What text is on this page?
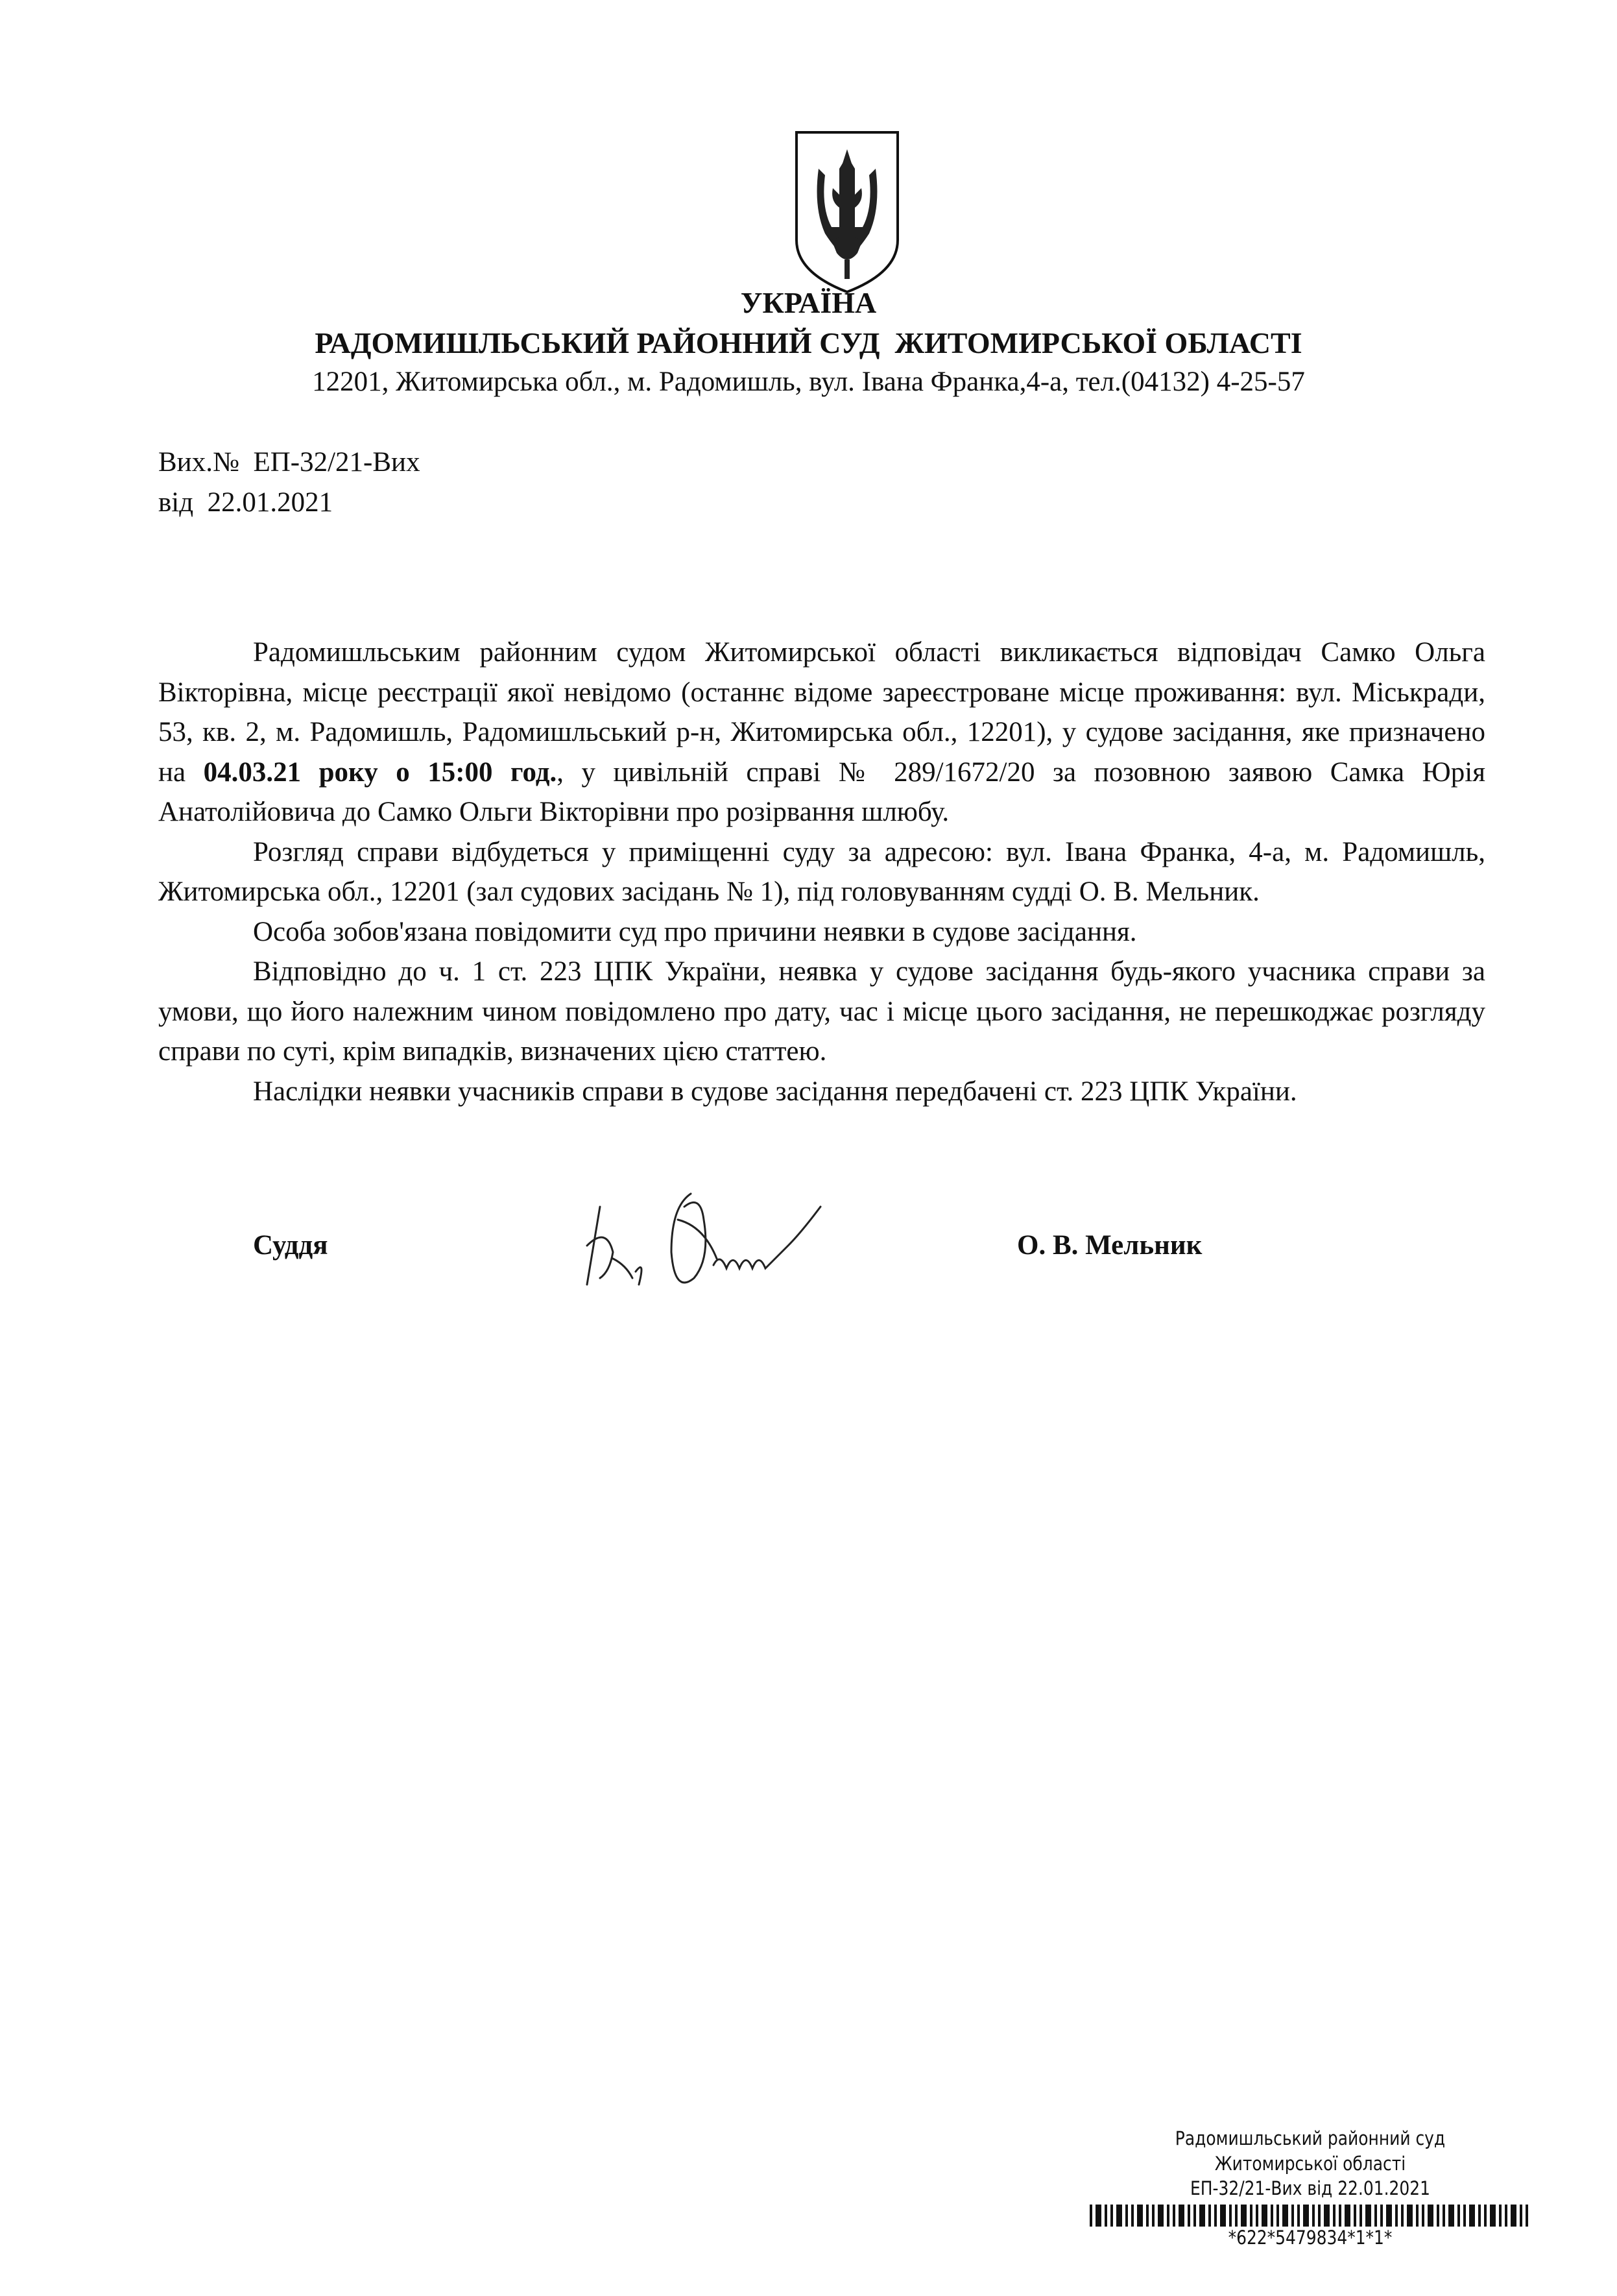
УКРАЇНА
РАДОМИШЛЬСЬКИЙ РАЙОННИЙ СУД  ЖИТОМИРСЬКОЇ ОБЛАСТІ
12201, Житомирська обл., м. Радомишль, вул. Івана Франка,4-а, тел.(04132) 4-25-57
Вих.№  ЕП-32/21-Вих
від  22.01.2021

Радомишльським районним судом Житомирської області викликається відповідач Самко Ольга Вікторівна, місце реєстрації якої невідомо (останнє відоме зареєстроване місце проживання: вул. Міськради, 53, кв. 2, м. Радомишль, Радомишльський р-н, Житомирська обл., 12201), у судове засідання, яке призначено на 04.03.21 року о 15:00 год., у цивільній справі № 289/1672/20 за позовною заявою Самка Юрія Анатолійовича до Самко Ольги Вікторівни про розірвання шлюбу.

Розгляд справи відбудеться у приміщенні суду за адресою: вул. Івана Франка, 4-а, м. Радомишль, Житомирська обл., 12201 (зал судових засідань № 1), під головуванням судді О. В. Мельник.

Особа зобов'язана повідомити суд про причини неявки в судове засідання.

Відповідно до ч. 1 ст. 223 ЦПК України, неявка у судове засідання будь-якого учасника справи за умови, що його належним чином повідомлено про дату, час і місце цього засідання, не перешкоджає розгляду справи по суті, крім випадків, визначених цією статтею.

Наслідки неявки учасників справи в судове засідання передбачені ст. 223 ЦПК України.

Суддя	О. В. Мельник
Радомишльський районний суд
Житомирської області
ЕП-32/21-Вих від 22.01.2021
*622*5479834*1*1*
